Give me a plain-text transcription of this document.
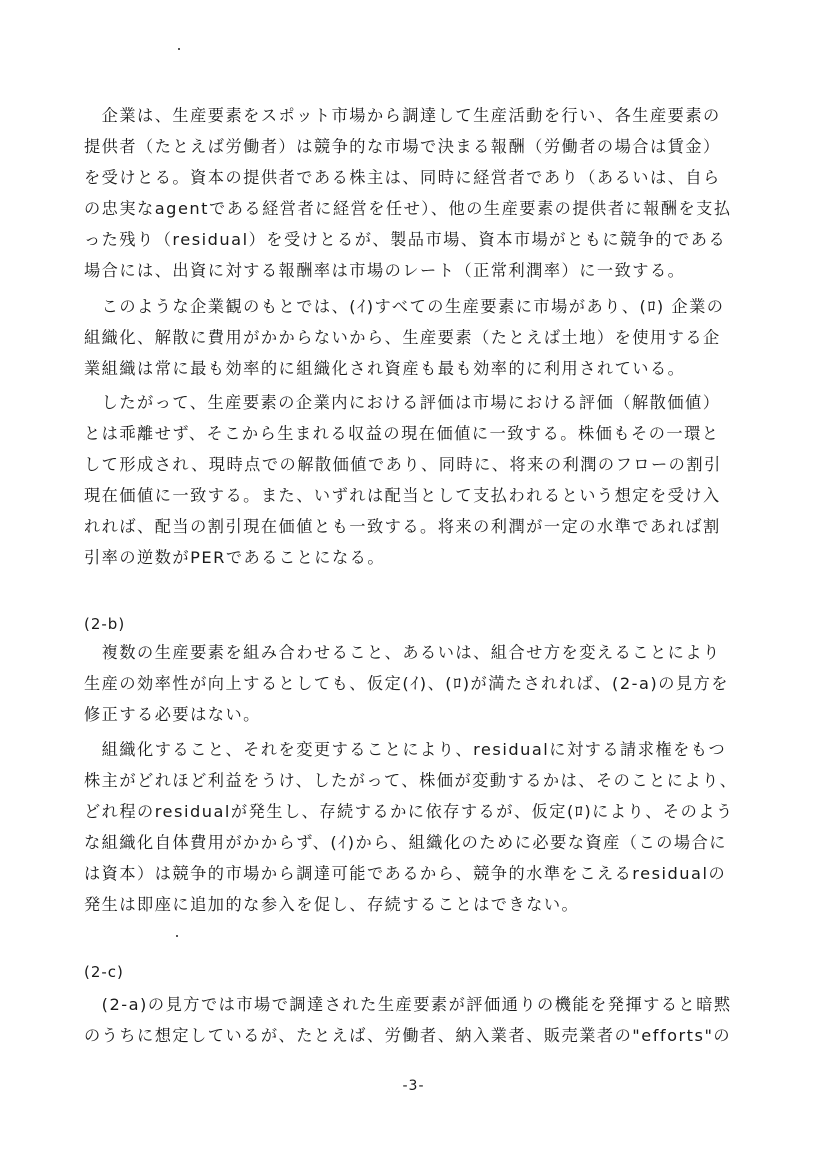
　企業は、生産要素をスポット市場から調達して生産活動を行い、各生産要素の
提供者（たとえば労働者）は競争的な市場で決まる報酬（労働者の場合は賃金）
を受けとる。資本の提供者である株主は、同時に経営者であり（あるいは、自ら
の忠実なagentである経営者に経営を任せ）、他の生産要素の提供者に報酬を支払
った残り（residual）を受けとるが、製品市場、資本市場がともに競争的である
場合には、出資に対する報酬率は市場のレート（正常利潤率）に一致する。

　このような企業観のもとでは、(ｲ)すべての生産要素に市場があり、(ﾛ) 企業の
組織化、解散に費用がかからないから、生産要素（たとえば土地）を使用する企
業組織は常に最も効率的に組織化され資産も最も効率的に利用されている。

　したがって、生産要素の企業内における評価は市場における評価（解散価値）
とは乖離せず、そこから生まれる収益の現在価値に一致する。株価もその一環と
して形成され、現時点での解散価値であり、同時に、将来の利潤のフローの割引
現在価値に一致する。また、いずれは配当として支払われるという想定を受け入
れれば、配当の割引現在価値とも一致する。将来の利潤が一定の水準であれば割
引率の逆数がPERであることになる。

(2-b)

　複数の生産要素を組み合わせること、あるいは、組合せ方を変えることにより
生産の効率性が向上するとしても、仮定(ｲ)、(ﾛ)が満たされれば、(2-a)の見方を
修正する必要はない。

　組織化すること、それを変更することにより、residualに対する請求権をもつ
株主がどれほど利益をうけ、したがって、株価が変動するかは、そのことにより、
どれ程のresidualが発生し、存続するかに依存するが、仮定(ﾛ)により、そのよう
な組織化自体費用がかからず、(ｲ)から、組織化のために必要な資産（この場合に
は資本）は競争的市場から調達可能であるから、競争的水準をこえるresidualの
発生は即座に追加的な参入を促し、存続することはできない。

(2-c)

　(2-a)の見方では市場で調達された生産要素が評価通りの機能を発揮すると暗黙
のうちに想定しているが、たとえば、労働者、納入業者、販売業者の"efforts"の

-3-
